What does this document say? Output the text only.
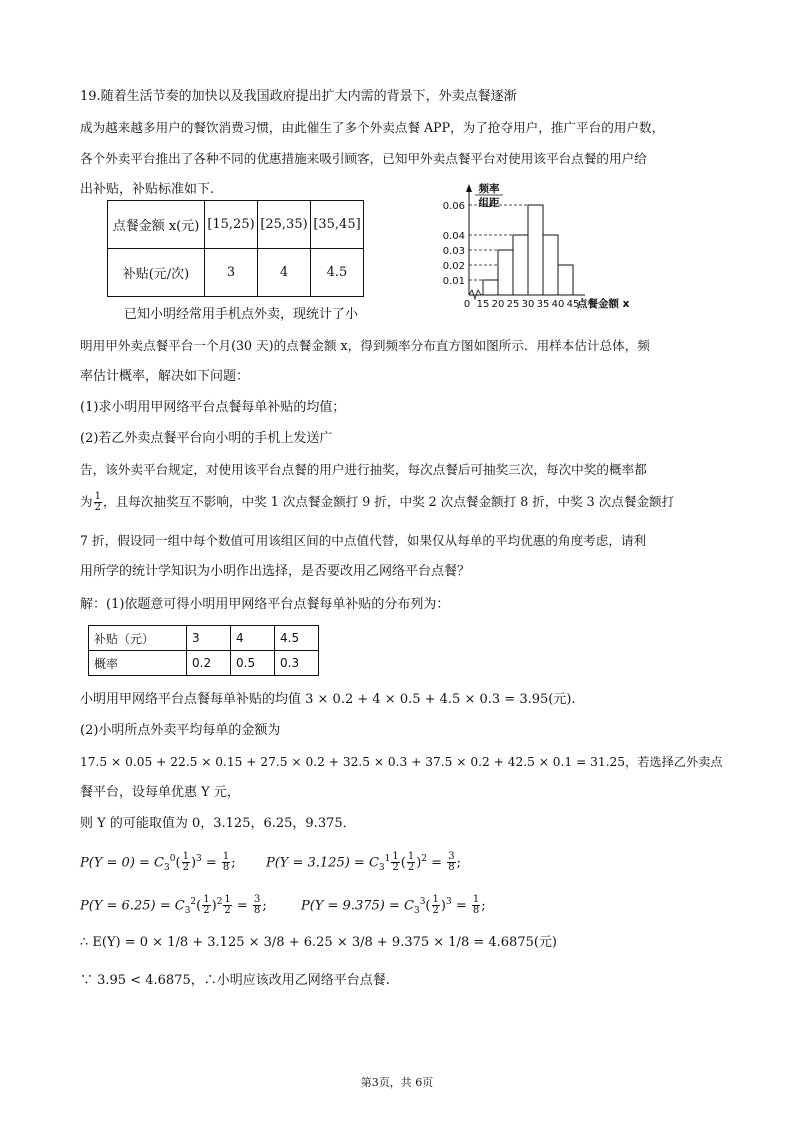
19.随着生活节奏的加快以及我国政府提出扩大内需的背景下，外卖点餐逐渐
成为越来越多用户的餐饮消费习惯，由此催生了多个外卖点餐 APP，为了抢夺用户，推广平台的用户数，
各个外卖平台推出了各种不同的优惠措施来吸引顾客，已知甲外卖点餐平台对使用该平台点餐的用户给
出补贴，补贴标准如下.
点餐金额 x(元)	[15,25)	[25,35)	[35,45]
补贴(元/次)	3	4	4.5
0.01
0.02
0.03
0.04
0.06
0 15 20 25 30 35 40 45
点餐金额 x
频率
组距
已知小明经常用手机点外卖，现统计了小
明用甲外卖点餐平台一个月(30 天)的点餐金额 x，得到频率分布直方图如图所示．用样本估计总体，频
率估计概率，解决如下问题：
(1)求小明用甲网络平台点餐每单补贴的均值；
(2)若乙外卖点餐平台向小明的手机上发送广
告，该外卖平台规定，对使用该平台点餐的用户进行抽奖，每次点餐后可抽奖三次，每次中奖的概率都
为 $\frac{1}{2}$ ，且每次抽奖互不影响，中奖 1 次点餐金额打 9 折，中奖 2 次点餐金额打 8 折，中奖 3 次点餐金额打
7 折，假设同一组中每个数值可用该组区间的中点值代替，如果仅从每单的平均优惠的角度考虑，请利
用所学的统计学知识为小明作出选择，是否要改用乙网络平台点餐？
解：(1)依题意可得小明用甲网络平台点餐每单补贴的分布列为：
补贴（元）	3	4	4.5
概率	0.2	0.5	0.3
小明用甲网络平台点餐每单补贴的均值 3 × 0.2 + 4 × 0.5 + 4.5 × 0.3 = 3.95(元).
(2)小明所点外卖平均每单的金额为
17.5 × 0.05 + 22.5 × 0.15 + 27.5 × 0.2 + 32.5 × 0.3 + 37.5 × 0.2 + 42.5 × 0.1 = 31.25，若选择乙外卖点
餐平台，设每单优惠 Y 元，
则 Y 的可能取值为 0，3.125，6.25，9.375．
$P(Y = 0) = C_3^0( \frac{1}{2} )^3 = \frac{1}{8}$ ;  $P(Y = 3.125) = C_3^1 \frac{1}{2}$ ( $\frac{1}{2} )^2 = \frac{3}{8}$ ;
$P(Y = 6.25) = C_3^2( \frac{1}{2} )^2 \frac{1}{2} = \frac{3}{8}$ ;  $P(Y = 9.375) = C_3^3( \frac{1}{2} )^3 = \frac{1}{8}$ ;
∴ E(Y) = 0 × 1/8 + 3.125 × 3/8 + 6.25 × 3/8 + 9.375 × 1/8 = 4.6875(元)
∵ 3.95 < 4.6875，∴小明应该改用乙网络平台点餐.
第3页，共 6页
